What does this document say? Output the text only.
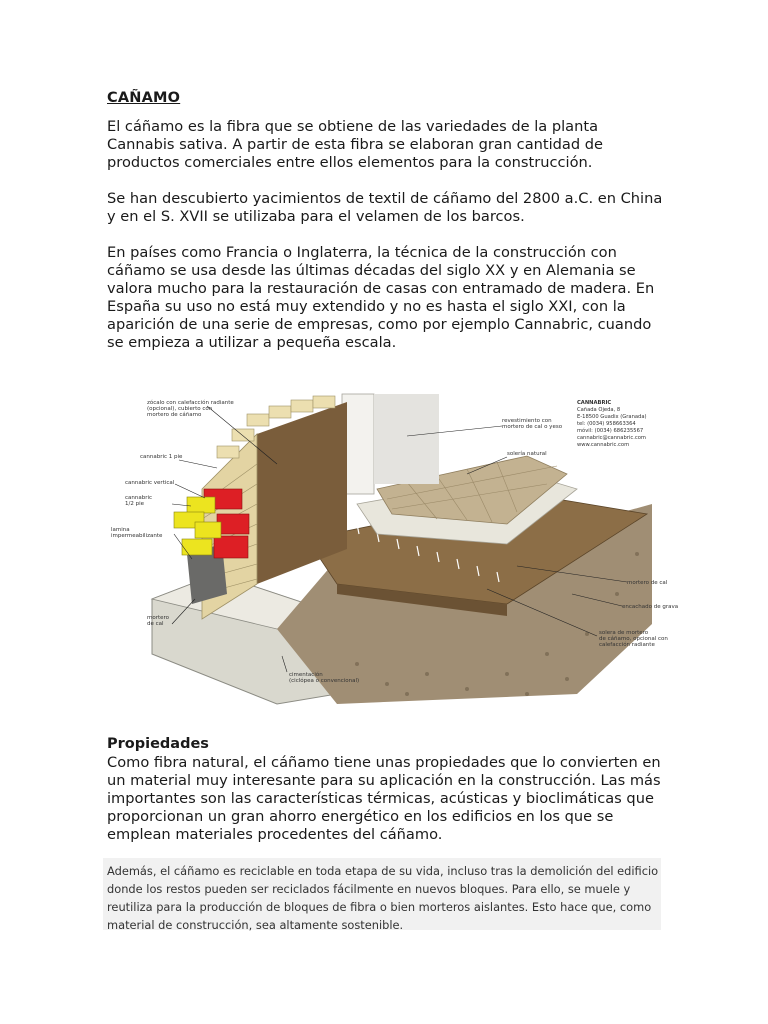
CAÑAMO

El cáñamo es la fibra que se obtiene de las variedades de la planta Cannabis sativa. A partir de esta fibra se elaboran gran cantidad de productos comerciales entre ellos elementos para la construcción.

Se han descubierto yacimientos de textil de cáñamo del 2800 a.C. en China y en el S. XVII se utilizaba para el velamen de los barcos.

En países como Francia o Inglaterra, la técnica de la construcción con cáñamo se usa desde las últimas décadas del siglo XX y en Alemania se valora mucho para la restauración de casas con entramado de madera. En España su uso no está muy extendido y no es hasta el siglo XXI, con la aparición de una serie de empresas, como por ejemplo Cannabric, cuando se empieza a utilizar a pequeña escala.

zócalo con calefacción radiante
(opcional), cubierto con
mortero de cáñamo
cannabric 1 pie
cannabric vertical
cannabric
1/2 pie
lamina
impermeabilizante
mortero
de cal
revestimiento con
mortero de cal o yeso
solería natural
mortero de cal
encachado de grava
solera de mortero
de cáñamo, opcional con
calefacción radiante
cimentación
(ciclópea o convencional)
CANNABRIC
Cañada Ojeda, 8
E-18500 Guadix (Granada)
tel: (0034) 958663364
móvil: (0034) 686235567
cannabric@cannabric.com
www.cannabric.com
Propiedades

Como fibra natural, el cáñamo tiene unas propiedades que lo convierten en un material muy interesante para su aplicación en la construcción. Las más importantes son las características térmicas, acústicas y bioclimáticas que proporcionan un gran ahorro energético en los edificios en los que se emplean materiales procedentes del cáñamo.

Además, el cáñamo es reciclable en toda etapa de su vida, incluso tras la demolición del edificio donde los restos pueden ser reciclados fácilmente en nuevos bloques. Para ello, se muele y reutiliza para la producción de bloques de fibra o bien morteros aislantes. Esto hace que, como material de construcción, sea altamente sostenible.
